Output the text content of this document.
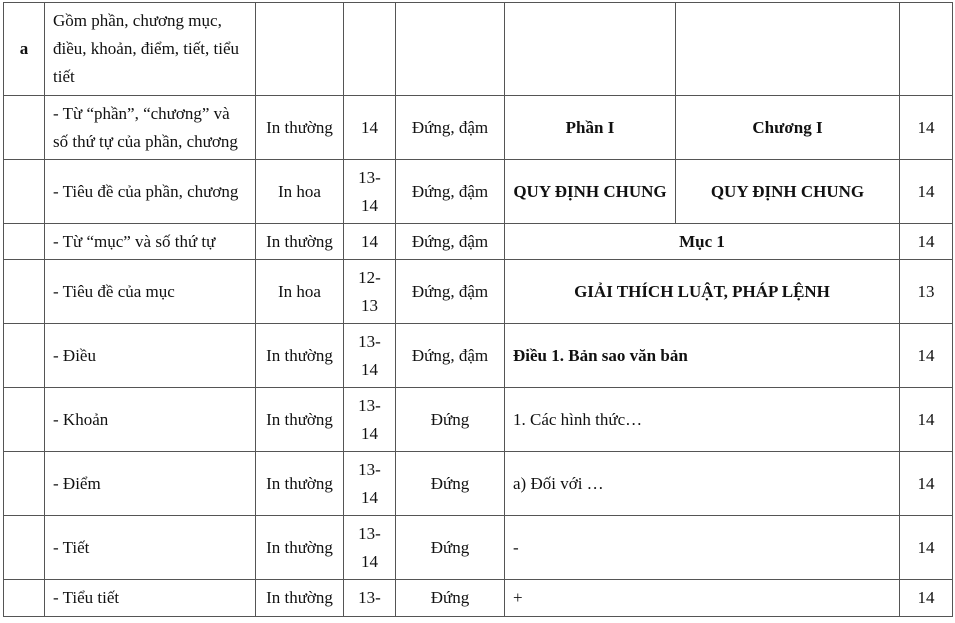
a	Gồm phần, chương mục, điều, khoản, điểm, tiết, tiểu tiết						
	- Từ “phần”, “chương” và số thứ tự của phần, chương	In thường	14	Đứng, đậm	Phần I	Chương I	14
	- Tiêu đề của phần, chương	In hoa	13-14	Đứng, đậm	QUY ĐỊNH CHUNG	QUY ĐỊNH CHUNG	14
	- Từ “mục” và số thứ tự	In thường	14	Đứng, đậm	Mục 1		14
	- Tiêu đề của mục	In hoa	12-13	Đứng, đậm	GIẢI THÍCH LUẬT, PHÁP LỆNH		13
	- Điều	In thường	13-14	Đứng, đậm	Điều 1. Bản sao văn bản		14
	- Khoản	In thường	13-14	Đứng	1. Các hình thức…		14
	- Điểm	In thường	13-14	Đứng	a) Đối với …		14
	- Tiết	In thường	13-14	Đứng	-		14
	- Tiểu tiết	In thường	13-	Đứng	+		14
